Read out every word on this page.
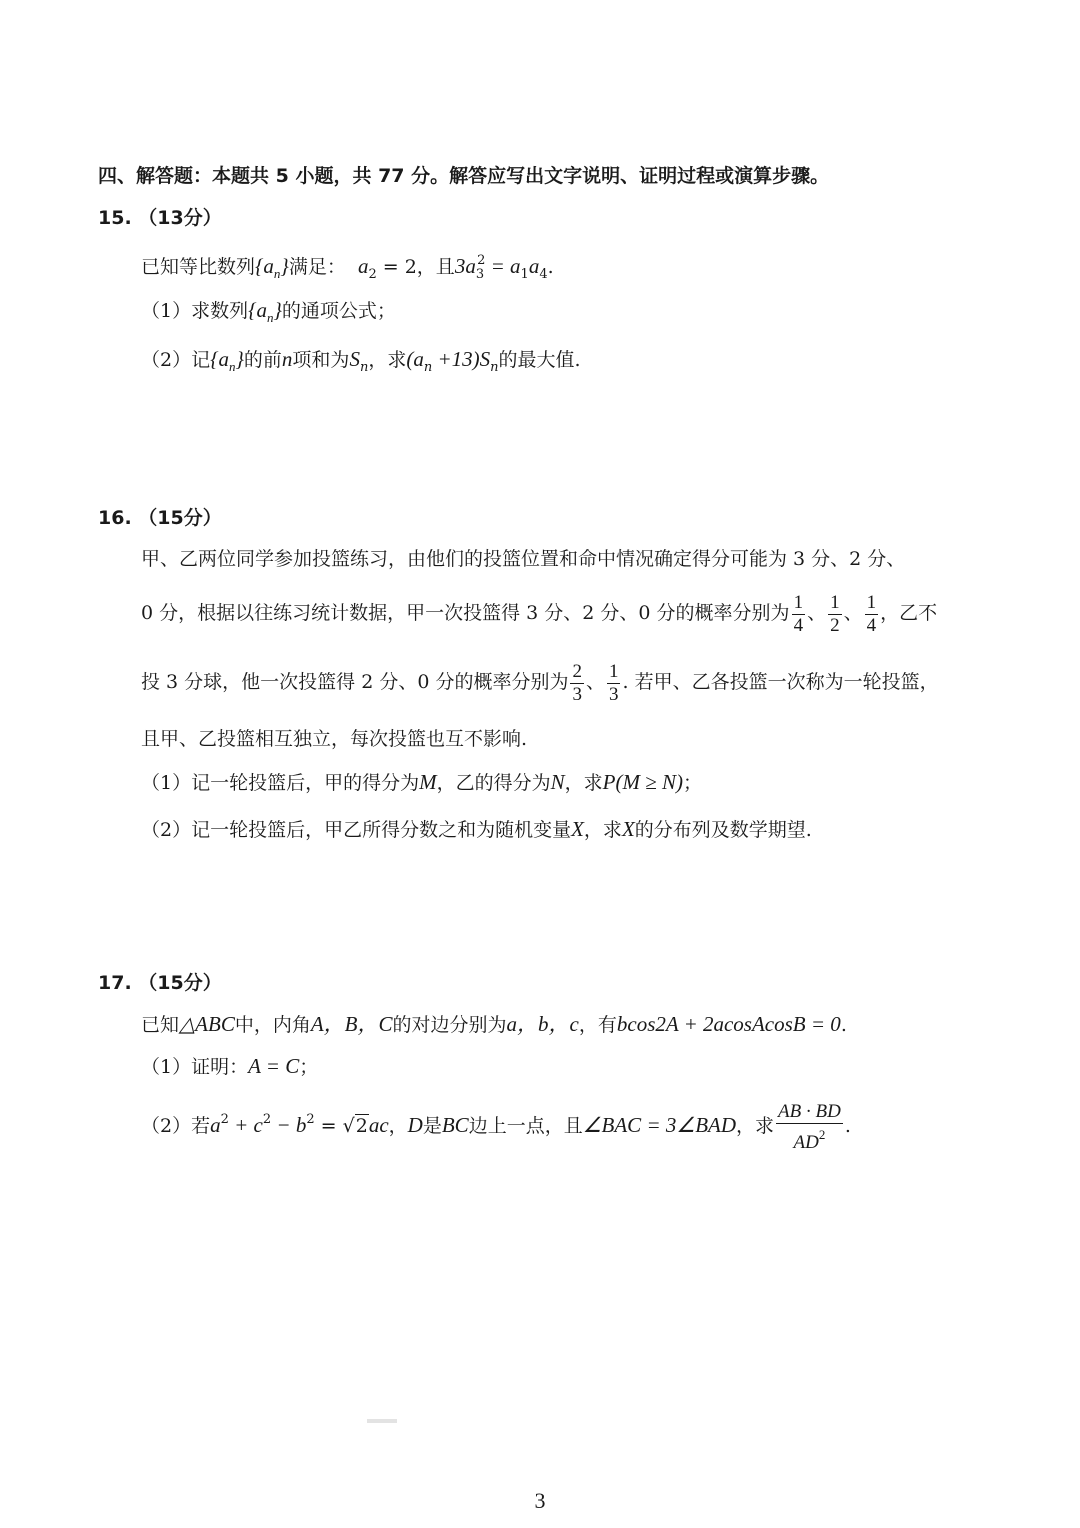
四、解答题：本题共 5 小题，共 77 分。解答应写出文字说明、证明过程或演算步骤。
15. （13分）
已知等比数列$\{a_n\}$满足： $a_2 = 2$，且$3a_3^2 = a_1a_4$.
（1）求数列$\{a_n\}$的通项公式；
（2）记$\{a_n\}$的前n项和为$S_n$，求$(a_n +13)S_n$的最大值.
16. （15分）
甲、乙两位同学参加投篮练习，由他们的投篮位置和命中情况确定得分可能为 3 分、2 分、
0 分，根据以往练习统计数据，甲一次投篮得 3 分、2 分、0 分的概率分别为 $\frac{1}{4}$ 、 $\frac{1}{2}$ 、 $\frac{1}{4}$ ，乙不
投 3 分球，他一次投篮得 2 分、0 分的概率分别为 $\frac{2}{3}$ 、 $\frac{1}{3}$ . 若甲、乙各投篮一次称为一轮投篮，
且甲、乙投篮相互独立，每次投篮也互不影响.
（1）记一轮投篮后，甲的得分为M，乙的得分为N，求P(M ≥ N)；
（2）记一轮投篮后，甲乙所得分数之和为随机变量X，求X的分布列及数学期望.
17. （15分）
已知△ABC中，内角A，B，C的对边分别为a，b，c，有bcos2A + 2acosAcosB = 0.
（1）证明：A = C；
（2）若$a^2 + c^2 - b^2 = √2ac$，D是BC边上一点，且∠BAC = 3∠BAD，求 $\frac{AB \cdot BD}{AD^2}$ .
3
